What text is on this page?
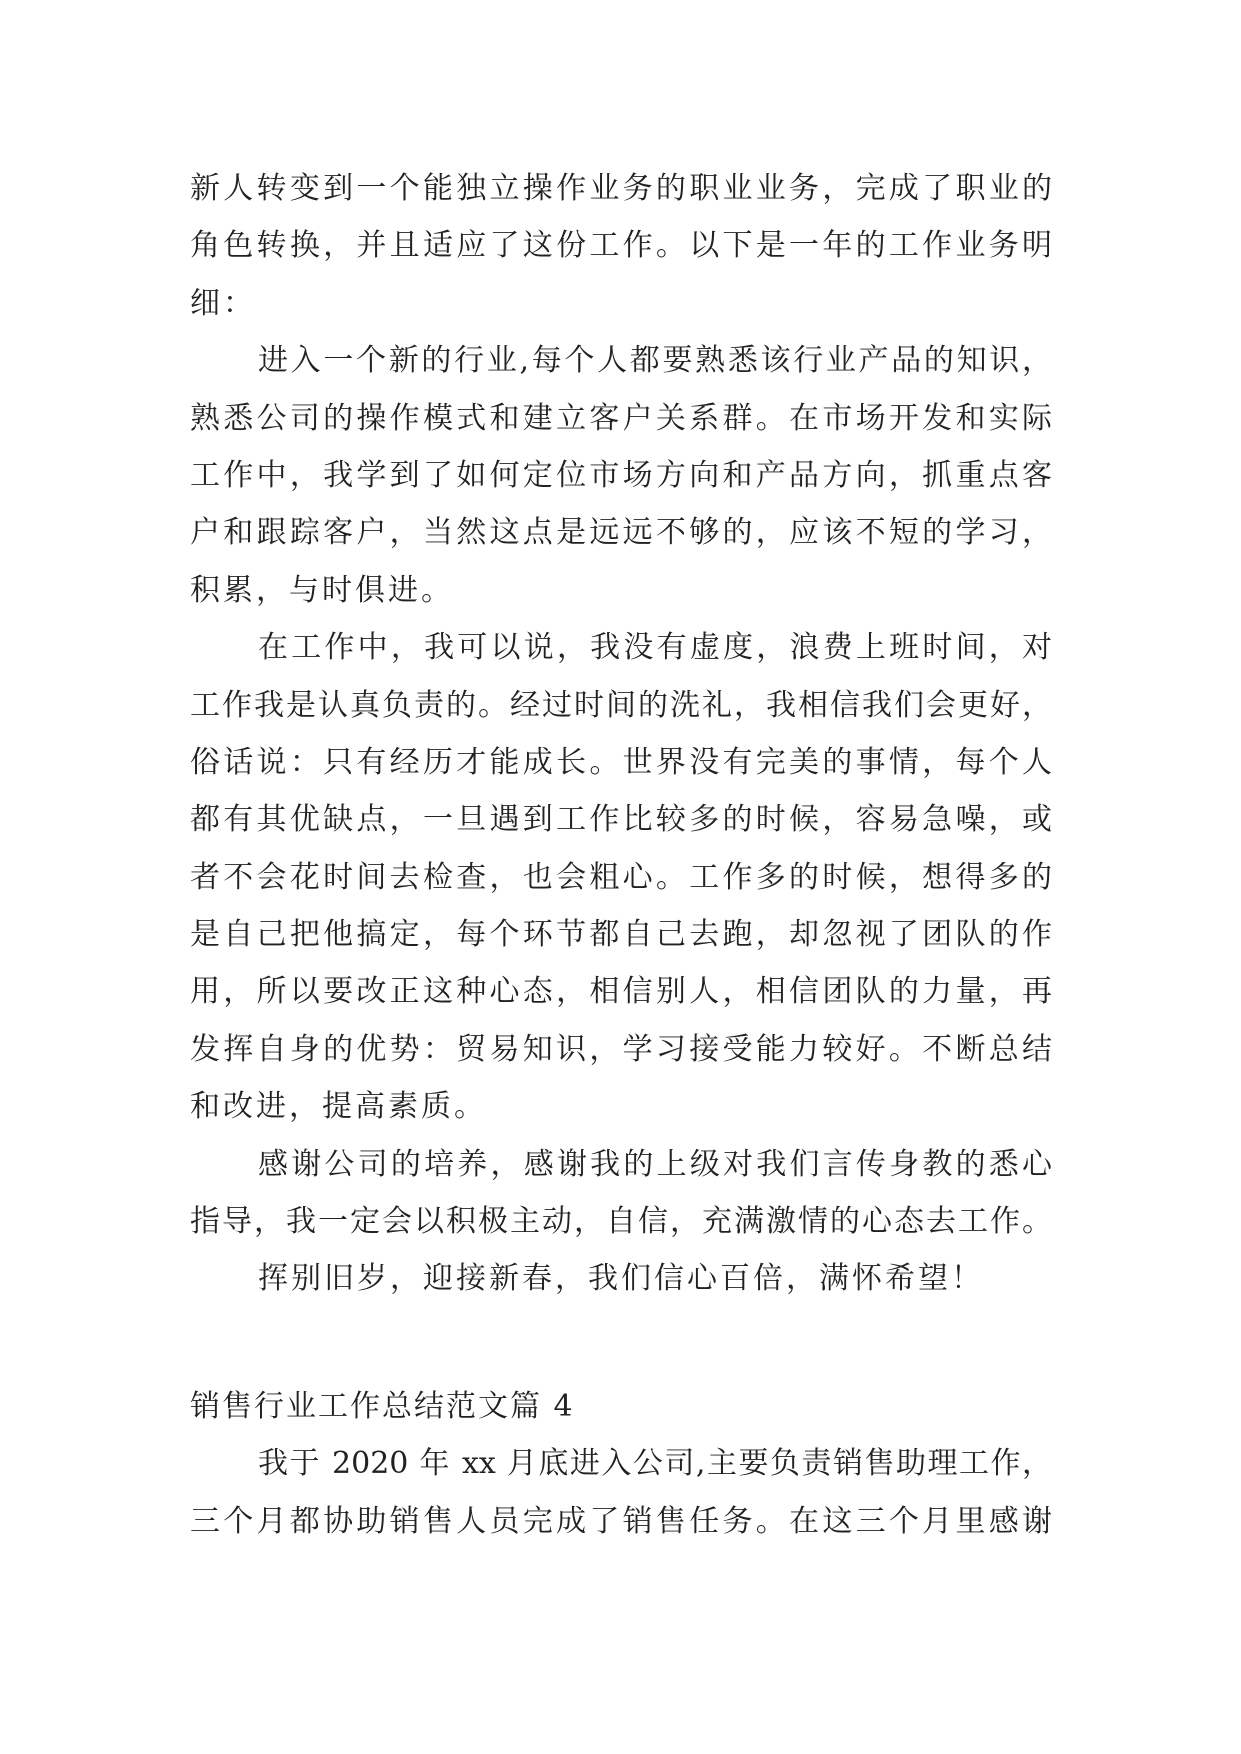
新人转变到一个能独立操作业务的职业业务，完成了职业的
角色转换，并且适应了这份工作。以下是一年的工作业务明
细：
进入一个新的行业,每个人都要熟悉该行业产品的知识，
熟悉公司的操作模式和建立客户关系群。在市场开发和实际
工作中，我学到了如何定位市场方向和产品方向，抓重点客
户和跟踪客户，当然这点是远远不够的，应该不短的学习，
积累，与时俱进。
在工作中，我可以说，我没有虚度，浪费上班时间，对
工作我是认真负责的。经过时间的洗礼，我相信我们会更好，
俗话说：只有经历才能成长。世界没有完美的事情，每个人
都有其优缺点，一旦遇到工作比较多的时候，容易急噪，或
者不会花时间去检查，也会粗心。工作多的时候，想得多的
是自己把他搞定，每个环节都自己去跑，却忽视了团队的作
用，所以要改正这种心态，相信别人，相信团队的力量，再
发挥自身的优势：贸易知识，学习接受能力较好。不断总结
和改进，提高素质。
感谢公司的培养，感谢我的上级对我们言传身教的悉心
指导，我一定会以积极主动，自信，充满激情的心态去工作。
挥别旧岁，迎接新春，我们信心百倍，满怀希望！
销售行业工作总结范文篇 4
我于 2020 年 xx 月底进入公司,主要负责销售助理工作，
三个月都协助销售人员完成了销售任务。在这三个月里感谢
